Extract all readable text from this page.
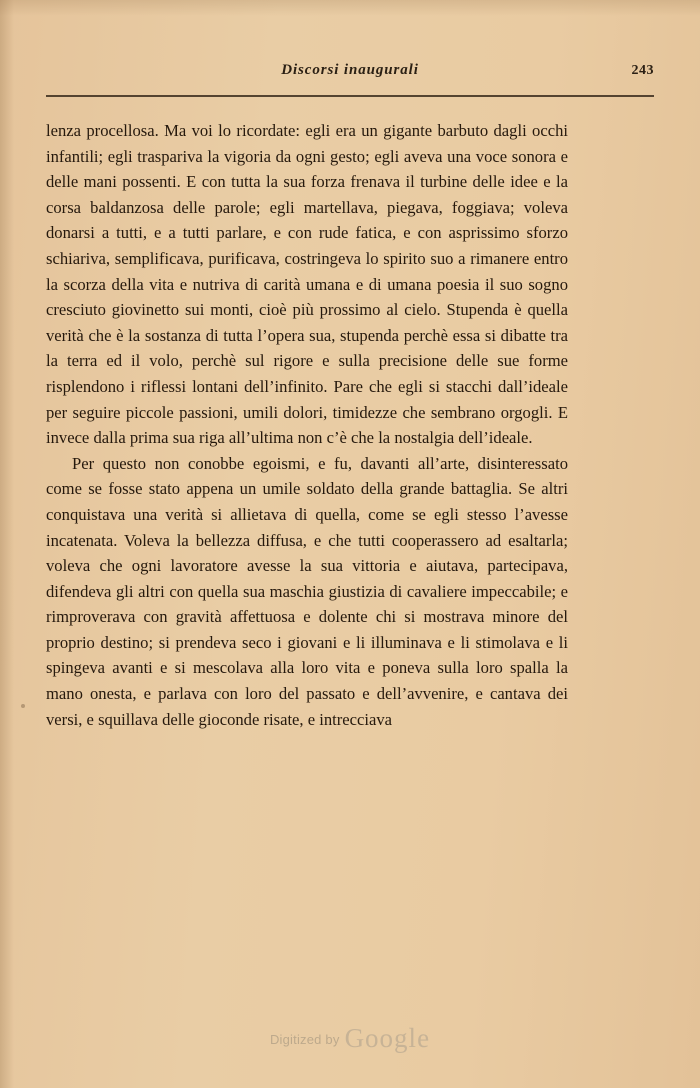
Discorsi inaugurali	243

lenza procellosa. Ma voi lo ricordate: egli era un gigante barbuto dagli occhi infantili; egli traspariva la vigoria da ogni gesto; egli aveva una voce sonora e delle mani possenti. E con tutta la sua forza frenava il turbine delle idee e la corsa baldanzosa delle parole; egli martellava, piegava, foggiava; voleva donarsi a tutti, e a tutti parlare, e con rude fatica, e con asprissimo sforzo schiariva, semplificava, purificava, costringeva lo spirito suo a rimanere entro la scorza della vita e nutriva di carità umana e di umana poesia il suo sogno cresciuto giovinetto sui monti, cioè più prossimo al cielo. Stupenda è quella verità che è la sostanza di tutta l’opera sua, stupenda perchè essa si dibatte tra la terra ed il volo, perchè sul rigore e sulla precisione delle sue forme risplendono i riflessi lontani dell’infinito. Pare che egli si stacchi dall’ideale per seguire piccole passioni, umili dolori, timidezze che sembrano orgogli. E invece dalla prima sua riga all’ultima non c’è che la nostalgia dell’ideale.

Per questo non conobbe egoismi, e fu, davanti all’arte, disinteressato come se fosse stato appena un umile soldato della grande battaglia. Se altri conquistava una verità si allietava di quella, come se egli stesso l’avesse incatenata. Voleva la bellezza diffusa, e che tutti cooperassero ad esaltarla; voleva che ogni lavoratore avesse la sua vittoria e aiutava, partecipava, difendeva gli altri con quella sua maschia giustizia di cavaliere impeccabile; e rimproverava con gravità affettuosa e dolente chi si mostrava minore del proprio destino; si prendeva seco i giovani e li illuminava e li stimolava e li spingeva avanti e si mescolava alla loro vita e poneva sulla loro spalla la mano onesta, e parlava con loro del passato e dell’avvenire, e cantava dei versi, e squillava delle gioconde risate, e intrecciava

Digitized by Google
